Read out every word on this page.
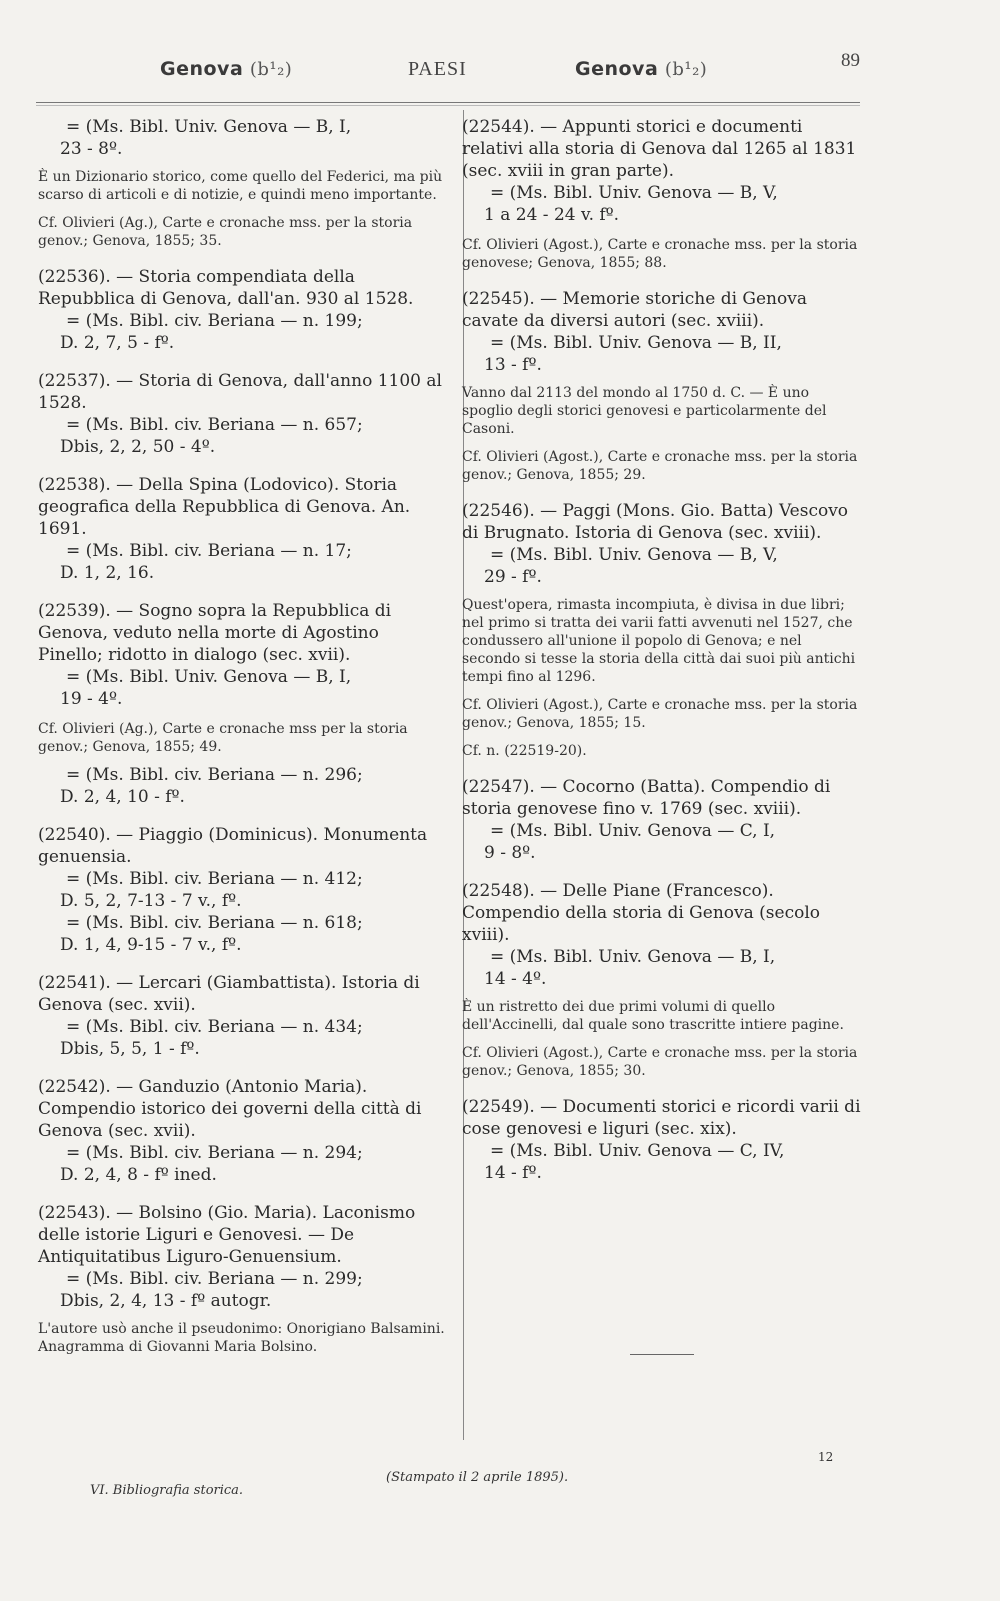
Genova (b¹₂)	PAESI	Genova (b¹₂)	89
= (Ms. Bibl. Univ. Genova — B, I,
23 - 8º.
È un Dizionario storico, come quello del Federici, ma più scarso di articoli e di notizie, e quindi meno importante.
Cf. Olivieri (Ag.), Carte e cronache mss. per la storia genov.; Genova, 1855; 35.
(22536). — Storia compendiata della Repubblica di Genova, dall'an. 930 al 1528.
= (Ms. Bibl. civ. Beriana — n. 199;
D. 2, 7, 5 - fº.
(22537). — Storia di Genova, dall'anno 1100 al 1528.
= (Ms. Bibl. civ. Beriana — n. 657;
Dbis, 2, 2, 50 - 4º.
(22538). — Della Spina (Lodovico). Storia geografica della Repubblica di Genova. An. 1691.
= (Ms. Bibl. civ. Beriana — n. 17;
D. 1, 2, 16.
(22539). — Sogno sopra la Repubblica di Genova, veduto nella morte di Agostino Pinello; ridotto in dialogo (sec. xvii).
= (Ms. Bibl. Univ. Genova — B, I,
19 - 4º.
Cf. Olivieri (Ag.), Carte e cronache mss per la storia genov.; Genova, 1855; 49.
= (Ms. Bibl. civ. Beriana — n. 296;
D. 2, 4, 10 - fº.
(22540). — Piaggio (Dominicus). Monumenta genuensia.
= (Ms. Bibl. civ. Beriana — n. 412;
D. 5, 2, 7-13 - 7 v., fº.
= (Ms. Bibl. civ. Beriana — n. 618;
D. 1, 4, 9-15 - 7 v., fº.
(22541). — Lercari (Giambattista). Istoria di Genova (sec. xvii).
= (Ms. Bibl. civ. Beriana — n. 434;
Dbis, 5, 5, 1 - fº.
(22542). — Ganduzio (Antonio Maria). Compendio istorico dei governi della città di Genova (sec. xvii).
= (Ms. Bibl. civ. Beriana — n. 294;
D. 2, 4, 8 - fº ined.
(22543). — Bolsino (Gio. Maria). Laconismo delle istorie Liguri e Genovesi. — De Antiquitatibus Liguro-Genuensium.
= (Ms. Bibl. civ. Beriana — n. 299;
Dbis, 2, 4, 13 - fº autogr.
L'autore usò anche il pseudonimo: Onorigiano Balsamini. Anagramma di Giovanni Maria Bolsino.
(22544). — Appunti storici e documenti relativi alla storia di Genova dal 1265 al 1831 (sec. xviii in gran parte).
= (Ms. Bibl. Univ. Genova — B, V,
1 a 24 - 24 v. fº.
Cf. Olivieri (Agost.), Carte e cronache mss. per la storia genovese; Genova, 1855; 88.
(22545). — Memorie storiche di Genova cavate da diversi autori (sec. xviii).
= (Ms. Bibl. Univ. Genova — B, II,
13 - fº.
Vanno dal 2113 del mondo al 1750 d. C. — È uno spoglio degli storici genovesi e particolarmente del Casoni.
Cf. Olivieri (Agost.), Carte e cronache mss. per la storia genov.; Genova, 1855; 29.
(22546). — Paggi (Mons. Gio. Batta) Vescovo di Brugnato. Istoria di Genova (sec. xviii).
= (Ms. Bibl. Univ. Genova — B, V,
29 - fº.
Quest'opera, rimasta incompiuta, è divisa in due libri; nel primo si tratta dei varii fatti avvenuti nel 1527, che condussero all'unione il popolo di Genova; e nel secondo si tesse la storia della città dai suoi più antichi tempi fino al 1296.
Cf. Olivieri (Agost.), Carte e cronache mss. per la storia genov.; Genova, 1855; 15.
Cf. n. (22519-20).
(22547). — Cocorno (Batta). Compendio di storia genovese fino v. 1769 (sec. xviii).
= (Ms. Bibl. Univ. Genova — C, I,
9 - 8º.
(22548). — Delle Piane (Francesco). Compendio della storia di Genova (secolo xviii).
= (Ms. Bibl. Univ. Genova — B, I,
14 - 4º.
È un ristretto dei due primi volumi di quello dell'Accinelli, dal quale sono trascritte intiere pagine.
Cf. Olivieri (Agost.), Carte e cronache mss. per la storia genov.; Genova, 1855; 30.
(22549). — Documenti storici e ricordi varii di cose genovesi e liguri (sec. xix).
= (Ms. Bibl. Univ. Genova — C, IV,
14 - fº.
VI. Bibliografia storica.
(Stampato il 2 aprile 1895).
12
